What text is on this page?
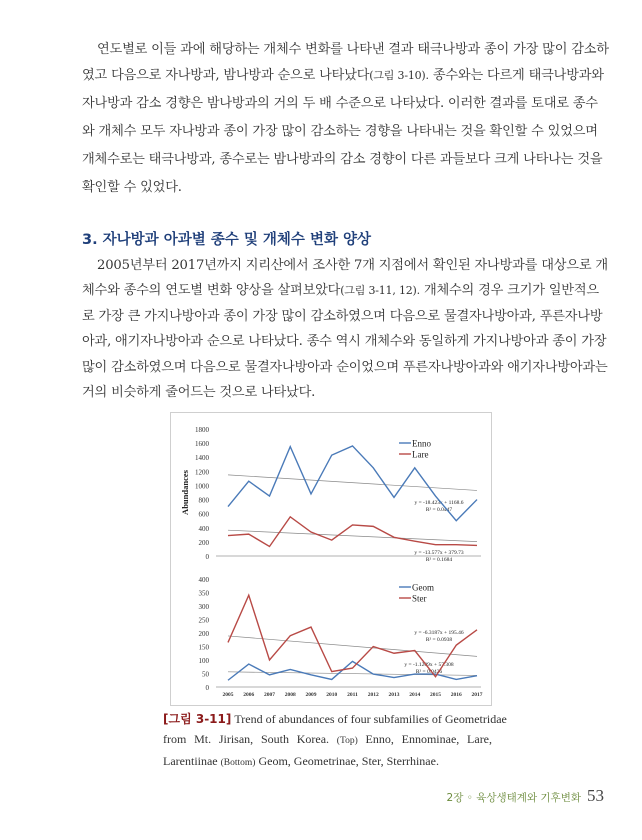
연도별로 이들 과에 해당하는 개체수 변화를 나타낸 결과 태극나방과 종이 가장 많이 감소하
였고 다음으로 자나방과, 밤나방과 순으로 나타났다(그림 3-10). 종수와는 다르게 태극나방과와
자나방과 감소 경향은 밤나방과의 거의 두 배 수준으로 나타났다. 이러한 결과를 토대로 종수
와 개체수 모두 자나방과 종이 가장 많이 감소하는 경향을 나타내는 것을 확인할 수 있었으며
개체수로는 태극나방과, 종수로는 밤나방과의 감소 경향이 다른 과들보다 크게 나타나는 것을
확인할 수 있었다.
3. 자나방과 아과별 종수 및 개체수 변화 양상
2005년부터 2017년까지 지리산에서 조사한 7개 지점에서 확인된 자나방과를 대상으로 개
체수와 종수의 연도별 변화 양상을 살펴보았다(그림 3-11, 12). 개체수의 경우 크기가 일반적으
로 가장 큰 가지나방아과 종이 가장 많이 감소하였으며 다음으로 물결자나방아과, 푸른자나방
아과, 애기자나방아과 순으로 나타났다. 종수 역시 개체수와 동일하게 가지나방아과 종이 가장
많이 감소하였으며 다음으로 물결자나방아과 순이었으며 푸른자나방아과와 애기자나방아과는
거의 비슷하게 줄어드는 것으로 나타났다.
0
200
400
600
800
1000
1200
1400
1600
1800
Abundances	y = -18.423x + 1168.6
R² = 0.0447
y = -13.577x + 379.73
R² = 0.1684
Enno
Lare
0
50
100
150
200
250
300
350
400
2005 2006 2007 2008 2009 2010 2011 2012 2013 2014 2015 2016 2017
y = -6.3187x + 195.46
R² = 0.0938
y = -1.1209x + 57.308
R² = 0.0426
Geom
Ster
[그림 3-11] Trend of abundances of four subfamilies of Geometridae
from Mt. Jirisan, South Korea. (Top) Enno, Ennominae, Lare,
Larentiinae (Bottom) Geom, Geometrinae, Ster, Sterrhinae.
2장 ◦ 육상생태계와 기후변화 53
